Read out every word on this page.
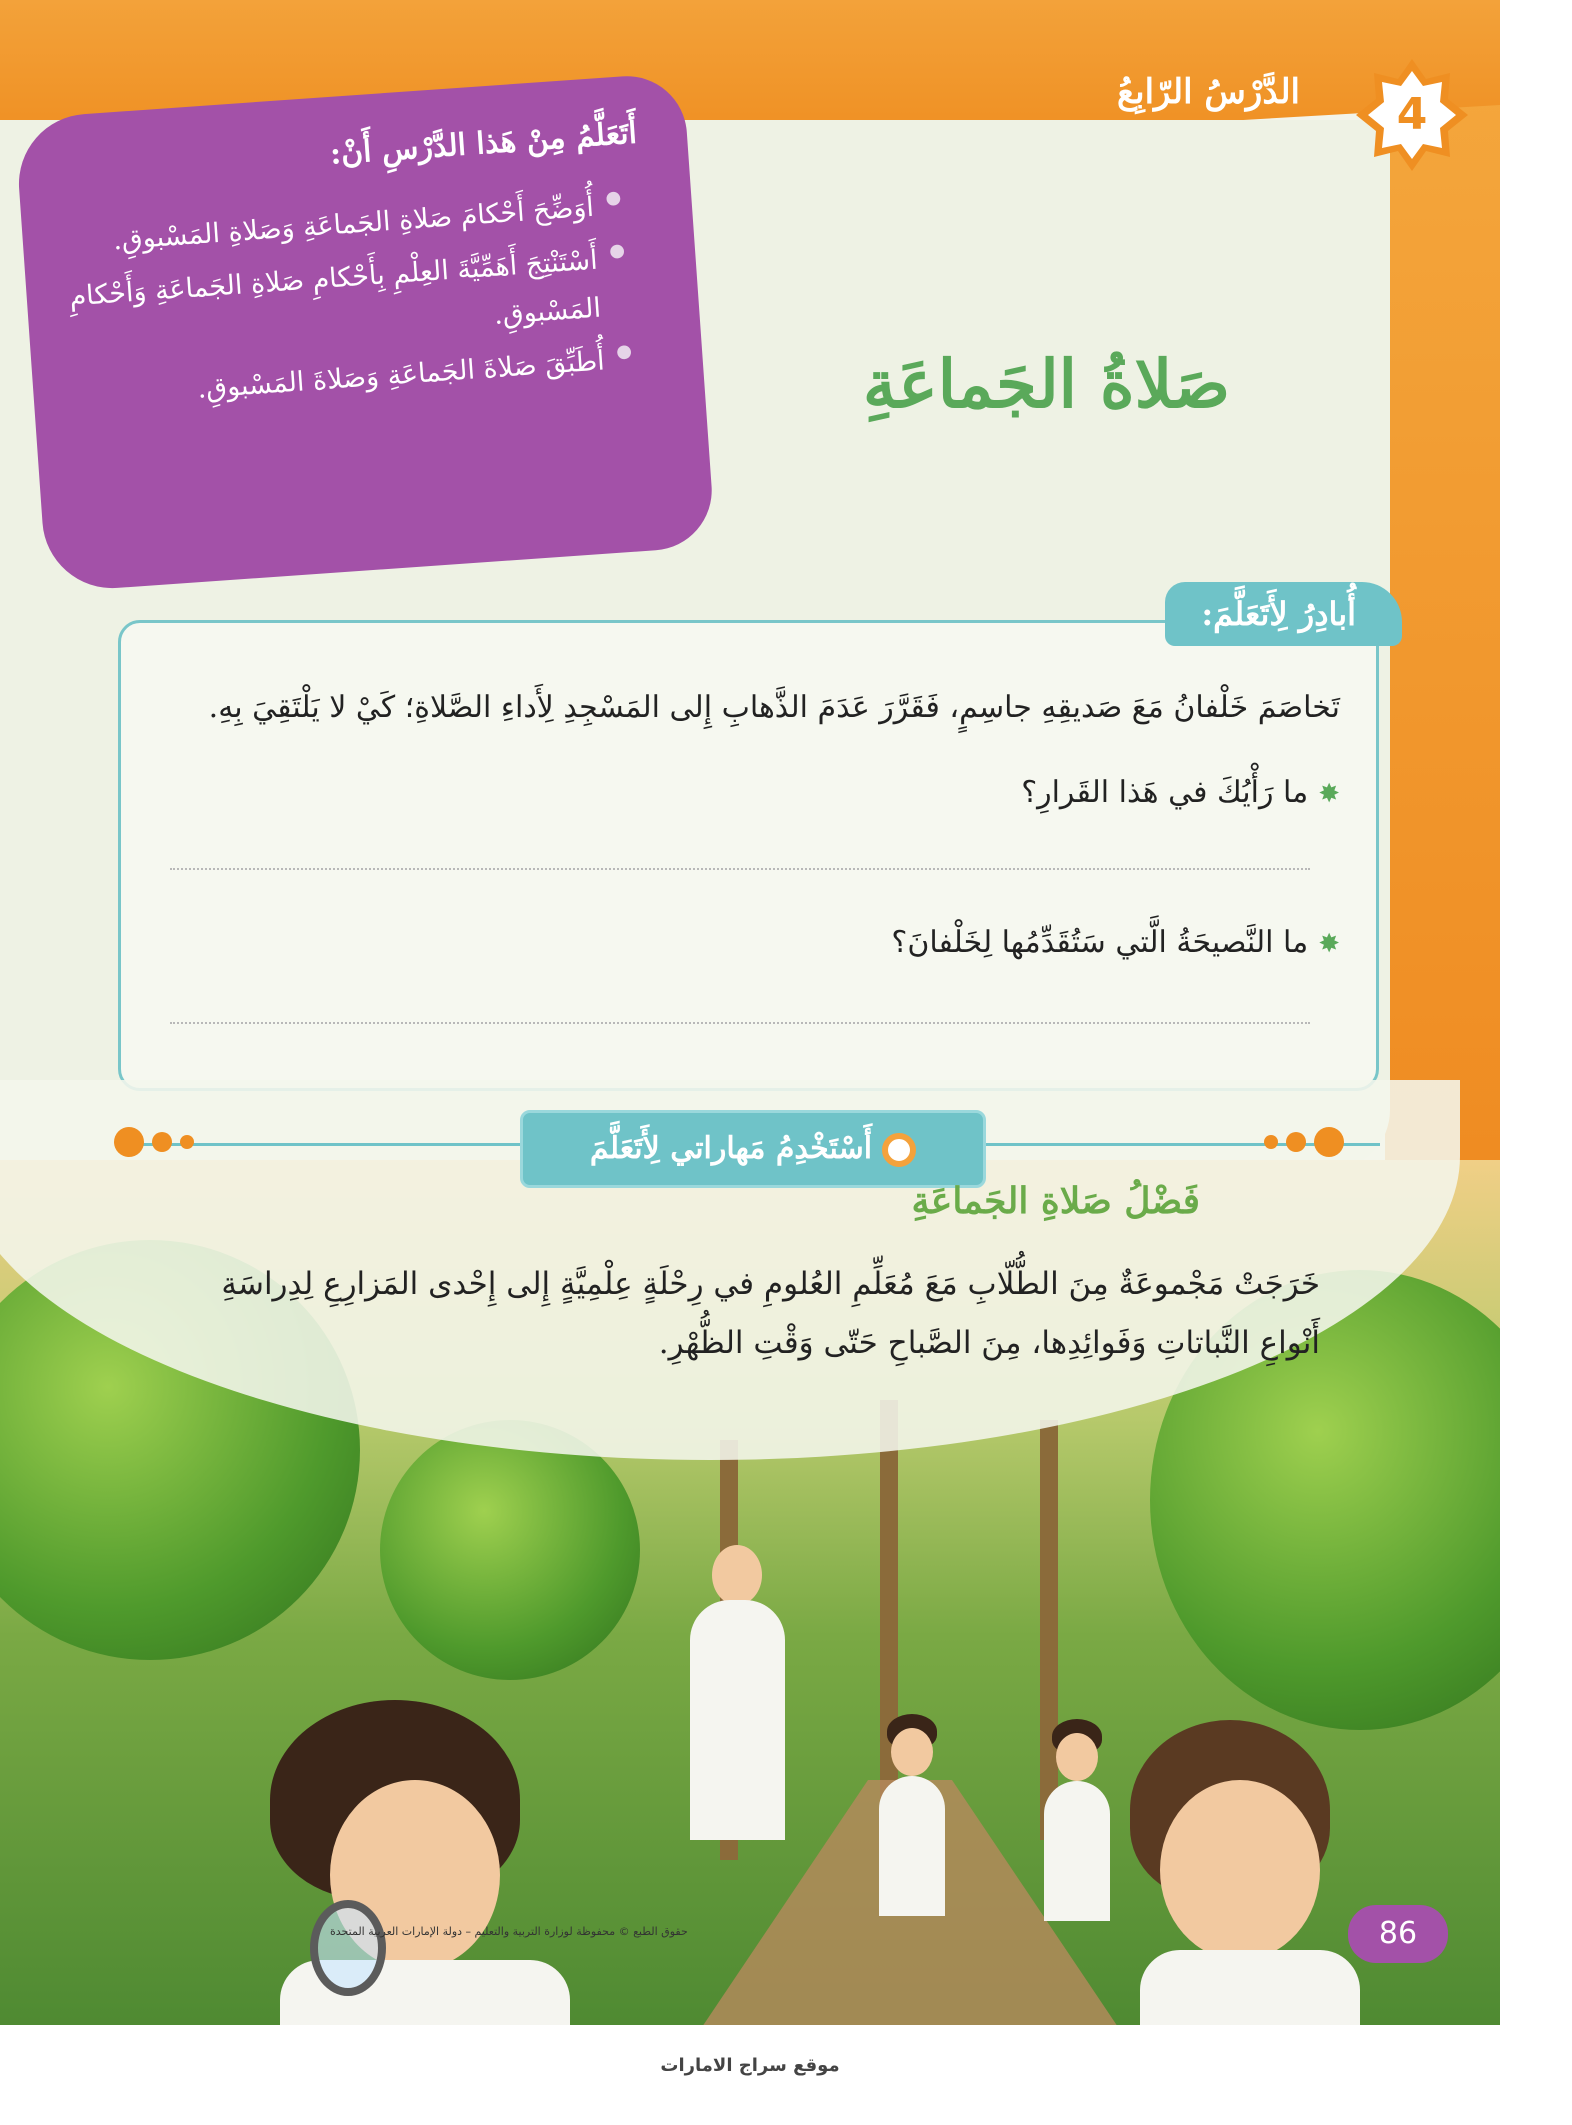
الدَّرْسُ الرّابِعُ	4
أَتَعَلَّمُ مِنْ هَذا الدَّرْسِ أَنْ:
● أُوَضِّحَ أَحْكامَ صَلاةِ الجَماعَةِ وَصَلاةِ المَسْبوقِ.
● أَسْتَنْتِجَ أَهَمِّيَّةَ العِلْمِ بِأَحْكامِ صَلاةِ الجَماعَةِ وَأَحْكامِ المَسْبوقِ.
● أُطَبِّقَ صَلاةَ الجَماعَةِ وَصَلاةَ المَسْبوقِ.	صَلاةُ الجَماعَةِ
أُبادِرُ لِأَتَعَلَّمَ:
تَخاصَمَ خَلْفانُ مَعَ صَديقِهِ جاسِمٍ، فَقَرَّرَ عَدَمَ الذَّهابِ إِلى المَسْجِدِ لِأَداءِ الصَّلاةِ؛ كَيْ لا يَلْتَقِيَ بِهِ.
✸ما رَأْيُكَ في هَذا القَرارِ؟
✸ما النَّصيحَةُ الَّتي سَتُقَدِّمُها لِخَلْفانَ؟
أَسْتَخْدِمُ مَهاراتي لِأَتَعَلَّمَ
فَضْلُ صَلاةِ الجَماعَةِ
خَرَجَتْ مَجْموعَةٌ مِنَ الطُّلّابِ مَعَ مُعَلِّمِ العُلومِ في رِحْلَةٍ عِلْمِيَّةٍ إِلى إِحْدى المَزارِعِ لِدِراسَةِ أَنْواعِ النَّباتاتِ وَفَوائِدِها، مِنَ الصَّباحِ حَتّى وَقْتِ الظُّهْرِ.
حقوق الطبع © محفوظة لوزارة التربية والتعليم – دولة الإمارات العربية المتحدة	86
موقع سراج الامارات
